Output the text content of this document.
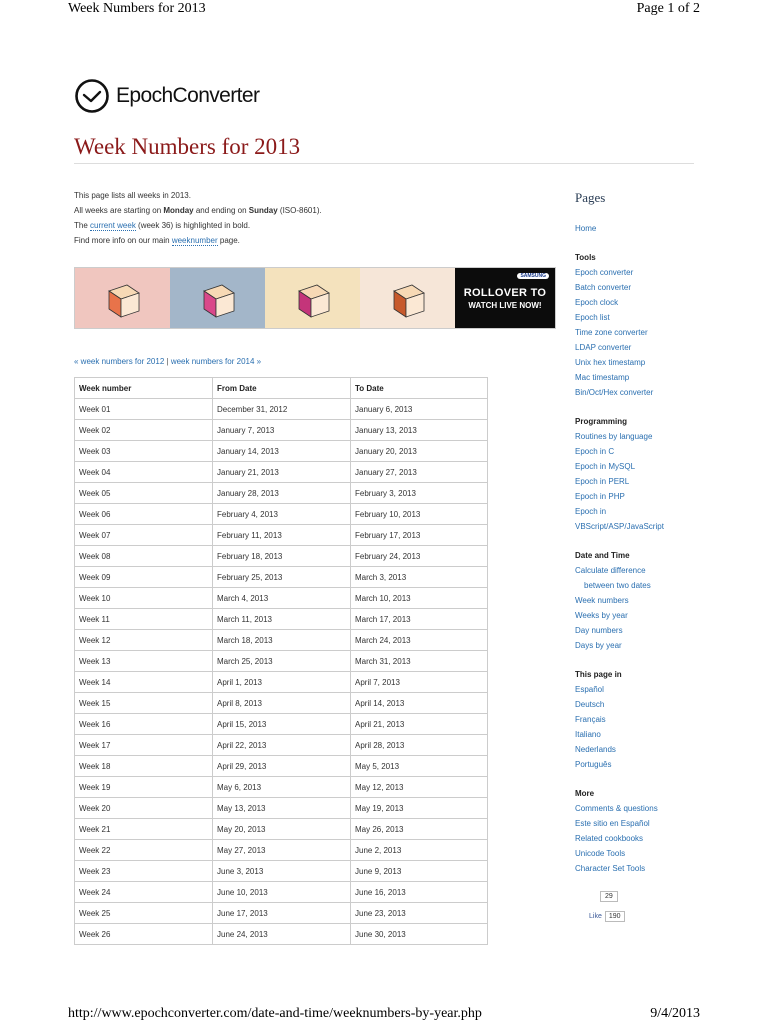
Week Numbers for 2013	Page 1 of 2
EpochConverter
Week Numbers for 2013

This page lists all weeks in 2013.

All weeks are starting on Monday and ending on Sunday (ISO-8601).

The current week (week 36) is highlighted in bold.

Find more info on our main weeknumber page.

SAMSUNG
ROLLOVER TO
WATCH LIVE NOW!
« week numbers for 2012 | week numbers for 2014 »
Week number	From Date	To Date
Week 01	December 31, 2012	January 6, 2013
Week 02	January 7, 2013	January 13, 2013
Week 03	January 14, 2013	January 20, 2013
Week 04	January 21, 2013	January 27, 2013
Week 05	January 28, 2013	February 3, 2013
Week 06	February 4, 2013	February 10, 2013
Week 07	February 11, 2013	February 17, 2013
Week 08	February 18, 2013	February 24, 2013
Week 09	February 25, 2013	March 3, 2013
Week 10	March 4, 2013	March 10, 2013
Week 11	March 11, 2013	March 17, 2013
Week 12	March 18, 2013	March 24, 2013
Week 13	March 25, 2013	March 31, 2013
Week 14	April 1, 2013	April 7, 2013
Week 15	April 8, 2013	April 14, 2013
Week 16	April 15, 2013	April 21, 2013
Week 17	April 22, 2013	April 28, 2013
Week 18	April 29, 2013	May 5, 2013
Week 19	May 6, 2013	May 12, 2013
Week 20	May 13, 2013	May 19, 2013
Week 21	May 20, 2013	May 26, 2013
Week 22	May 27, 2013	June 2, 2013
Week 23	June 3, 2013	June 9, 2013
Week 24	June 10, 2013	June 16, 2013
Week 25	June 17, 2013	June 23, 2013
Week 26	June 24, 2013	June 30, 2013
Pages
Home
Tools
Epoch converter
Batch converter
Epoch clock
Epoch list
Time zone converter
LDAP converter
Unix hex timestamp
Mac timestamp
Bin/Oct/Hex converter
Programming
Routines by language
Epoch in C
Epoch in MySQL
Epoch in PERL
Epoch in PHP
Epoch in
VBScript/ASP/JavaScript
Date and Time
Calculate difference
between two dates
Week numbers
Weeks by year
Day numbers
Days by year
This page in
Español
Deutsch
Français
Italiano
Nederlands
Português
More
Comments & questions
Este sitio en Español
Related cookbooks
Unicode Tools
Character Set Tools
29
Like	190
http://www.epochconverter.com/date-and-time/weeknumbers-by-year.php	9/4/2013
